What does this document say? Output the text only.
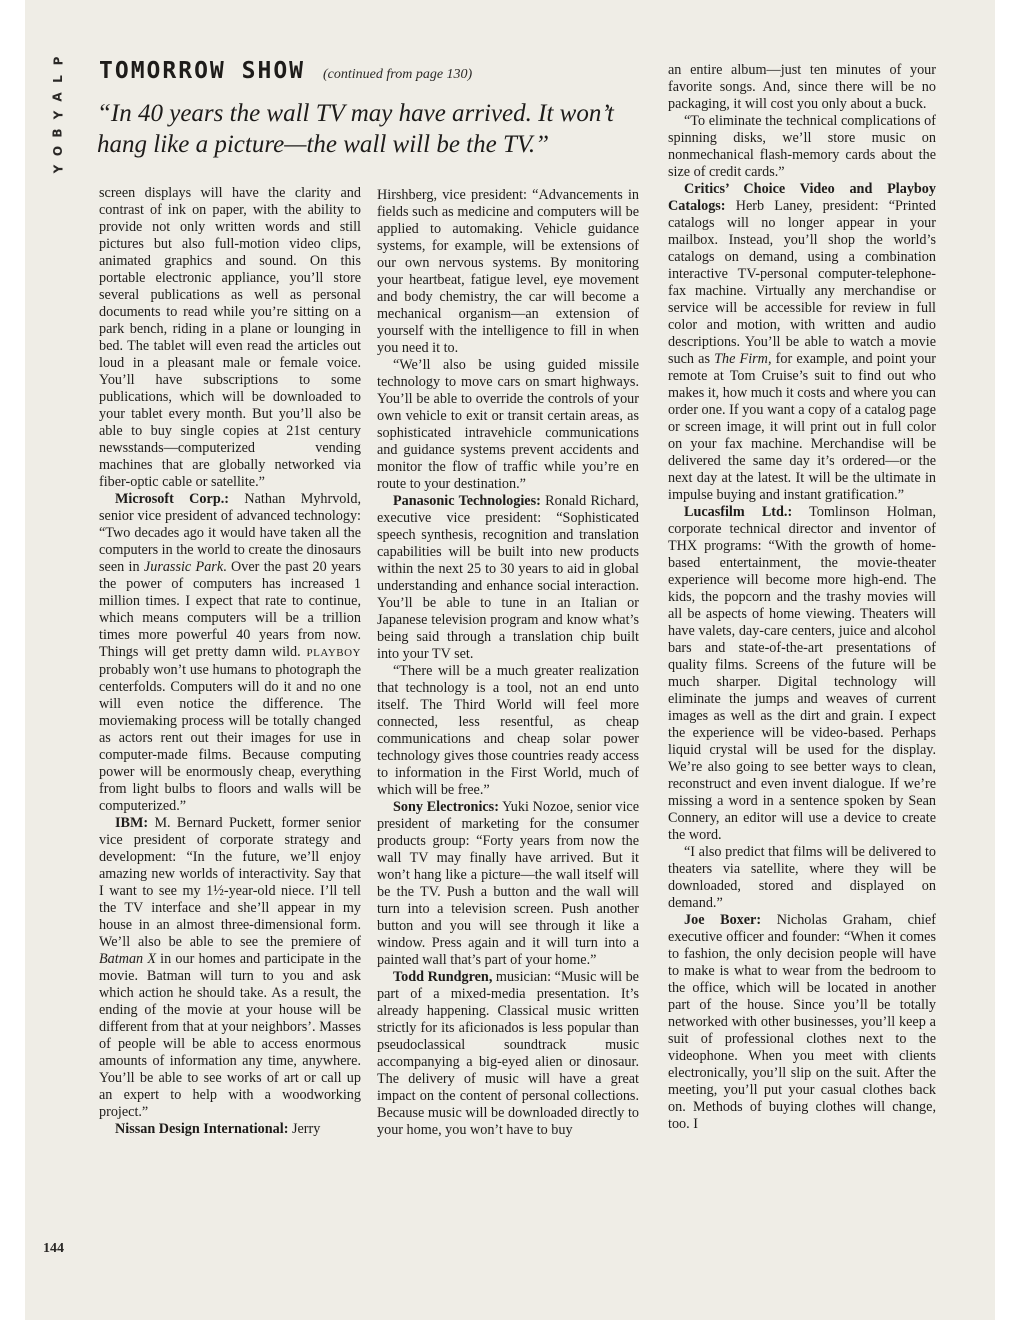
P
L
A
Y
B
O
Y
TOMORROW SHOW (continued from page 130)
“In 40 years the wall TV may have arrived. It won’t hang like a picture—the wall will be the TV.”

screen displays will have the clarity and contrast of ink on paper, with the ability to provide not only written words and still pictures but also full-motion video clips, animated graphics and sound. On this portable electronic appliance, you’ll store several publications as well as personal documents to read while you’re sitting on a park bench, riding in a plane or lounging in bed. The tablet will even read the articles out loud in a pleasant male or female voice. You’ll have subscriptions to some publications, which will be downloaded to your tablet every month. But you’ll also be able to buy single copies at 21st century newsstands—computerized vending machines that are globally networked via fiber-optic cable or satellite.”

Microsoft Corp.: Nathan Myhrvold, senior vice president of advanced technology: “Two decades ago it would have taken all the computers in the world to create the dinosaurs seen in Jurassic Park. Over the past 20 years the power of computers has increased 1 million times. I expect that rate to continue, which means computers will be a trillion times more powerful 40 years from now. Things will get pretty damn wild. PLAYBOY probably won’t use humans to photograph the centerfolds. Computers will do it and no one will even notice the difference. The moviemaking process will be totally changed as actors rent out their images for use in computer-made films. Because computing power will be enormously cheap, everything from light bulbs to floors and walls will be computerized.”

IBM: M. Bernard Puckett, former senior vice president of corporate strategy and development: “In the future, we’ll enjoy amazing new worlds of interactivity. Say that I want to see my 1½-year-old niece. I’ll tell the TV interface and she’ll appear in my house in an almost three-dimensional form. We’ll also be able to see the premiere of Batman X in our homes and participate in the movie. Batman will turn to you and ask which action he should take. As a result, the ending of the movie at your house will be different from that at your neighbors’. Masses of people will be able to access enormous amounts of information any time, anywhere. You’ll be able to see works of art or call up an expert to help with a woodworking project.”

Nissan Design International: Jerry

Hirshberg, vice president: “Advancements in fields such as medicine and computers will be applied to automaking. Vehicle guidance systems, for example, will be extensions of our own nervous systems. By monitoring your heartbeat, fatigue level, eye movement and body chemistry, the car will become a mechanical organism—an extension of yourself with the intelligence to fill in when you need it to.

“We’ll also be using guided missile technology to move cars on smart highways. You’ll be able to override the controls of your own vehicle to exit or transit certain areas, as sophisticated intravehicle communications and guidance systems prevent accidents and monitor the flow of traffic while you’re en route to your destination.”

Panasonic Technologies: Ronald Richard, executive vice president: “Sophisticated speech synthesis, recognition and translation capabilities will be built into new products within the next 25 to 30 years to aid in global understanding and enhance social interaction. You’ll be able to tune in an Italian or Japanese television program and know what’s being said through a translation chip built into your TV set.

“There will be a much greater realization that technology is a tool, not an end unto itself. The Third World will feel more connected, less resentful, as cheap communications and cheap solar power technology gives those countries ready access to information in the First World, much of which will be free.”

Sony Electronics: Yuki Nozoe, senior vice president of marketing for the consumer products group: “Forty years from now the wall TV may finally have arrived. But it won’t hang like a picture—the wall itself will be the TV. Push a button and the wall will turn into a television screen. Push another button and you will see through it like a window. Press again and it will turn into a painted wall that’s part of your home.”

Todd Rundgren, musician: “Music will be part of a mixed-media presentation. It’s already happening. Classical music written strictly for its aficionados is less popular than pseudoclassical soundtrack music accompanying a big-eyed alien or dinosaur. The delivery of music will have a great impact on the content of personal collections. Because music will be downloaded directly to your home, you won’t have to buy

an entire album—just ten minutes of your favorite songs. And, since there will be no packaging, it will cost you only about a buck.

“To eliminate the technical complications of spinning disks, we’ll store music on nonmechanical flash-memory cards about the size of credit cards.”

Critics’ Choice Video and Playboy Catalogs: Herb Laney, president: “Printed catalogs will no longer appear in your mailbox. Instead, you’ll shop the world’s catalogs on demand, using a combination interactive TV-personal computer-telephone-fax machine. Virtually any merchandise or service will be accessible for review in full color and motion, with written and audio descriptions. You’ll be able to watch a movie such as The Firm, for example, and point your remote at Tom Cruise’s suit to find out who makes it, how much it costs and where you can order one. If you want a copy of a catalog page or screen image, it will print out in full color on your fax machine. Merchandise will be delivered the same day it’s ordered—or the next day at the latest. It will be the ultimate in impulse buying and instant gratification.”

Lucasfilm Ltd.: Tomlinson Holman, corporate technical director and inventor of THX programs: “With the growth of home-based entertainment, the movie-theater experience will become more high-end. The kids, the popcorn and the trashy movies will all be aspects of home viewing. Theaters will have valets, day-care centers, juice and alcohol bars and state-of-the-art presentations of quality films. Screens of the future will be much sharper. Digital technology will eliminate the jumps and weaves of current images as well as the dirt and grain. I expect the experience will be video-based. Perhaps liquid crystal will be used for the display. We’re also going to see better ways to clean, reconstruct and even invent dialogue. If we’re missing a word in a sentence spoken by Sean Connery, an editor will use a device to create the word.

“I also predict that films will be delivered to theaters via satellite, where they will be downloaded, stored and displayed on demand.”

Joe Boxer: Nicholas Graham, chief executive officer and founder: “When it comes to fashion, the only decision people will have to make is what to wear from the bedroom to the office, which will be located in another part of the house. Since you’ll be totally networked with other businesses, you’ll keep a suit of professional clothes next to the videophone. When you meet with clients electronically, you’ll slip on the suit. After the meeting, you’ll put your casual clothes back on. Methods of buying clothes will change, too. I

144
